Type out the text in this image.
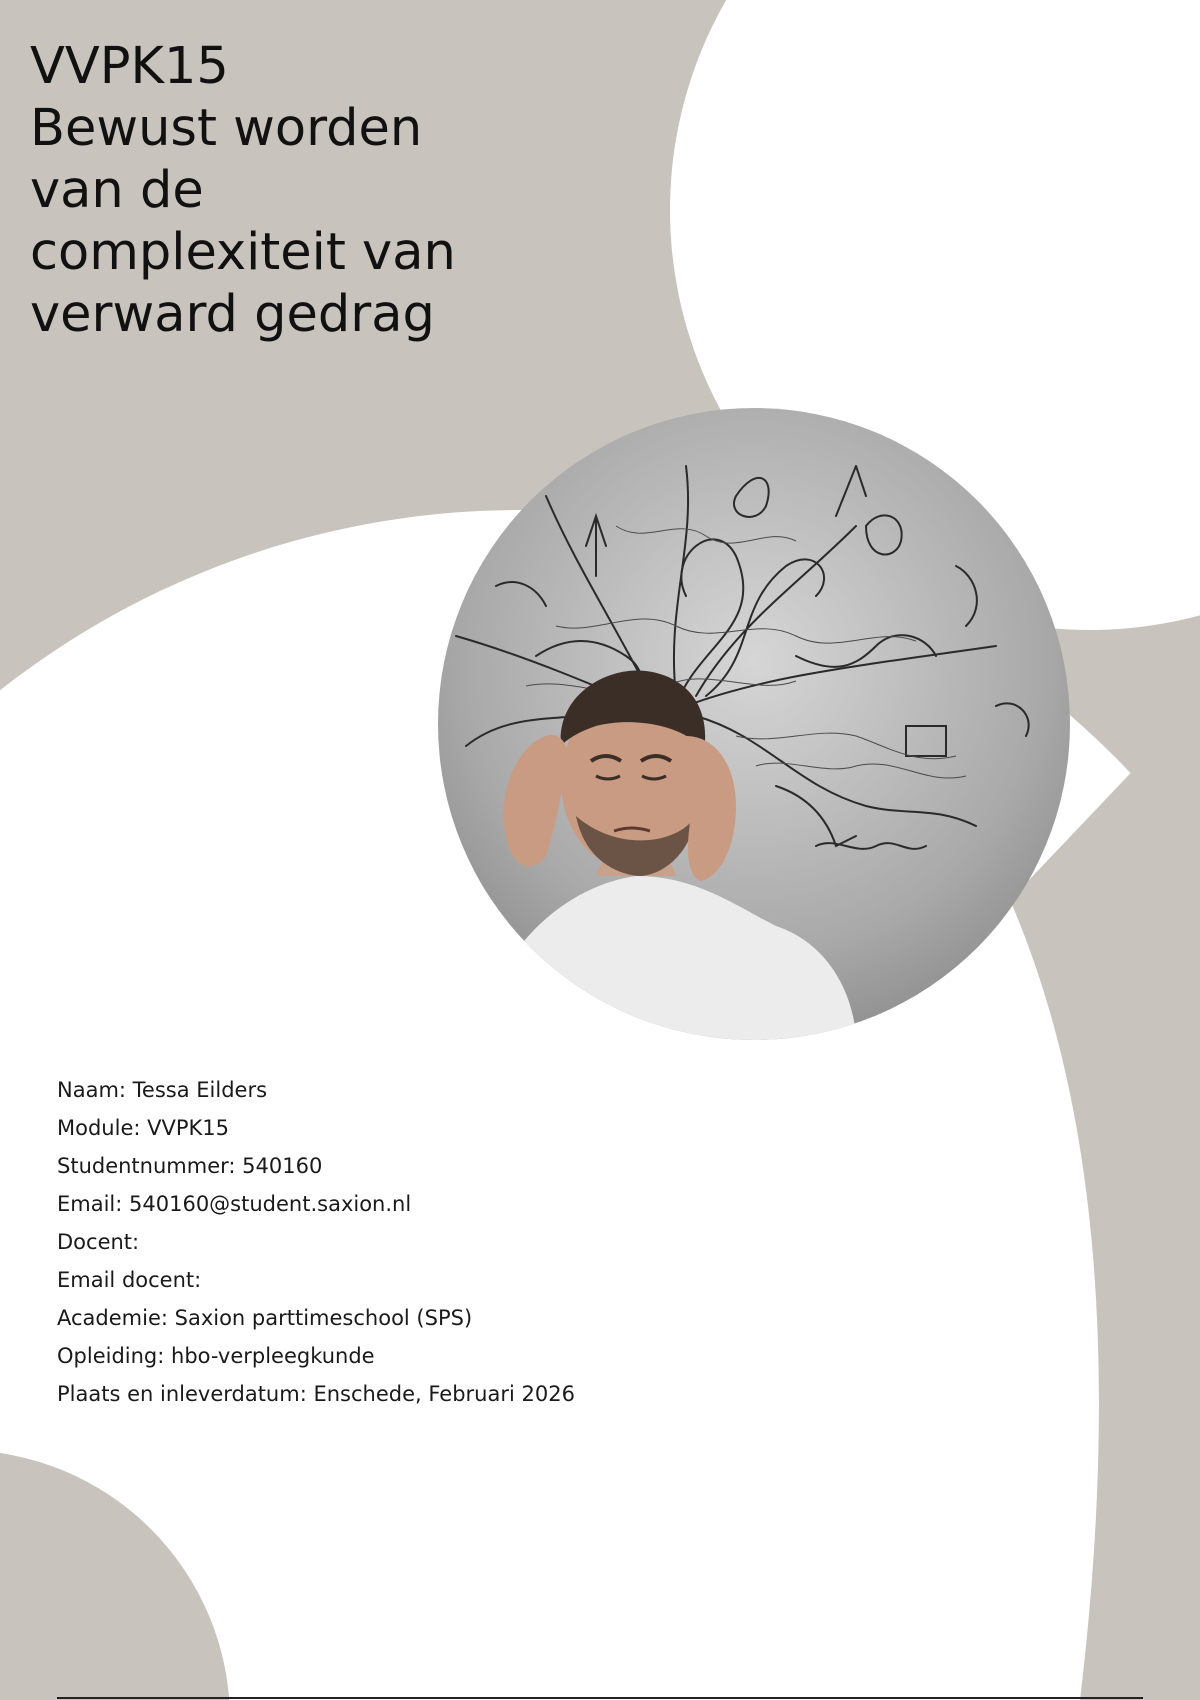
VVPK15
Bewust worden
van de
complexiteit van
verward gedrag
Naam: Tessa Eilders
Module: VVPK15
Studentnummer: 540160
Email: 540160@student.saxion.nl
Docent:
Email docent:
Academie: Saxion parttimeschool (SPS)
Opleiding: hbo-verpleegkunde
Plaats en inleverdatum: Enschede, Februari 2026
